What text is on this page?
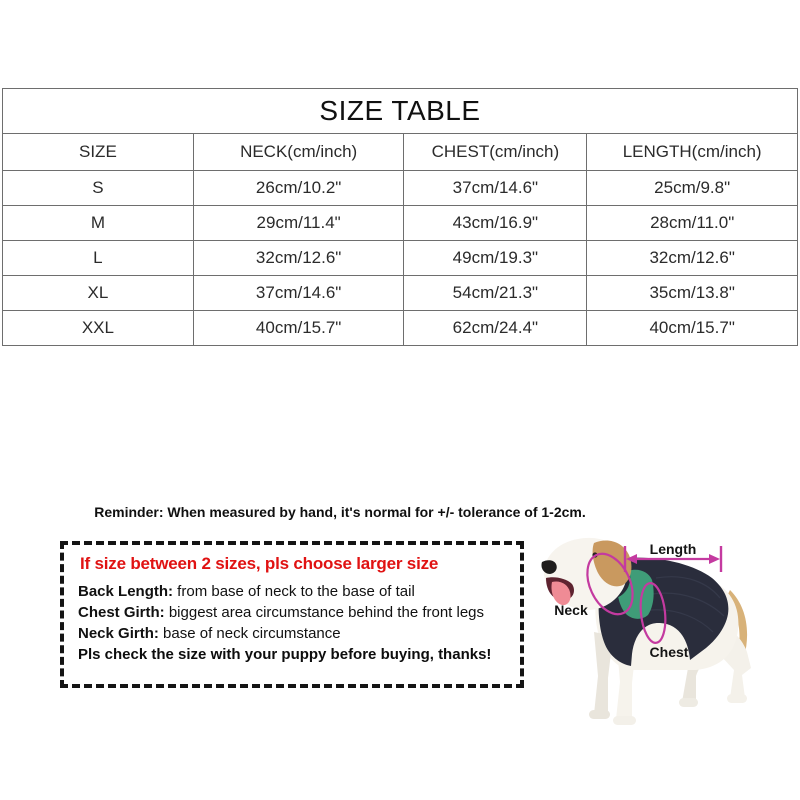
SIZE TABLE			
SIZE	NECK(cm/inch)	CHEST(cm/inch)	LENGTH(cm/inch)
S	26cm/10.2"	37cm/14.6"	25cm/9.8"
M	29cm/11.4"	43cm/16.9"	28cm/11.0"
L	32cm/12.6"	49cm/19.3"	32cm/12.6"
XL	37cm/14.6"	54cm/21.3"	35cm/13.8"
XXL	40cm/15.7"	62cm/24.4"	40cm/15.7"
Reminder: When measured by hand, it's normal for +/- tolerance of 1-2cm.
If size between 2 sizes, pls choose larger size

Back Length: from base of neck to the base of tail

Chest Girth: biggest area circumstance behind the front legs

Neck Girth: base of neck circumstance

Pls check the size with your puppy before buying, thanks!
Length
Neck
Chest
